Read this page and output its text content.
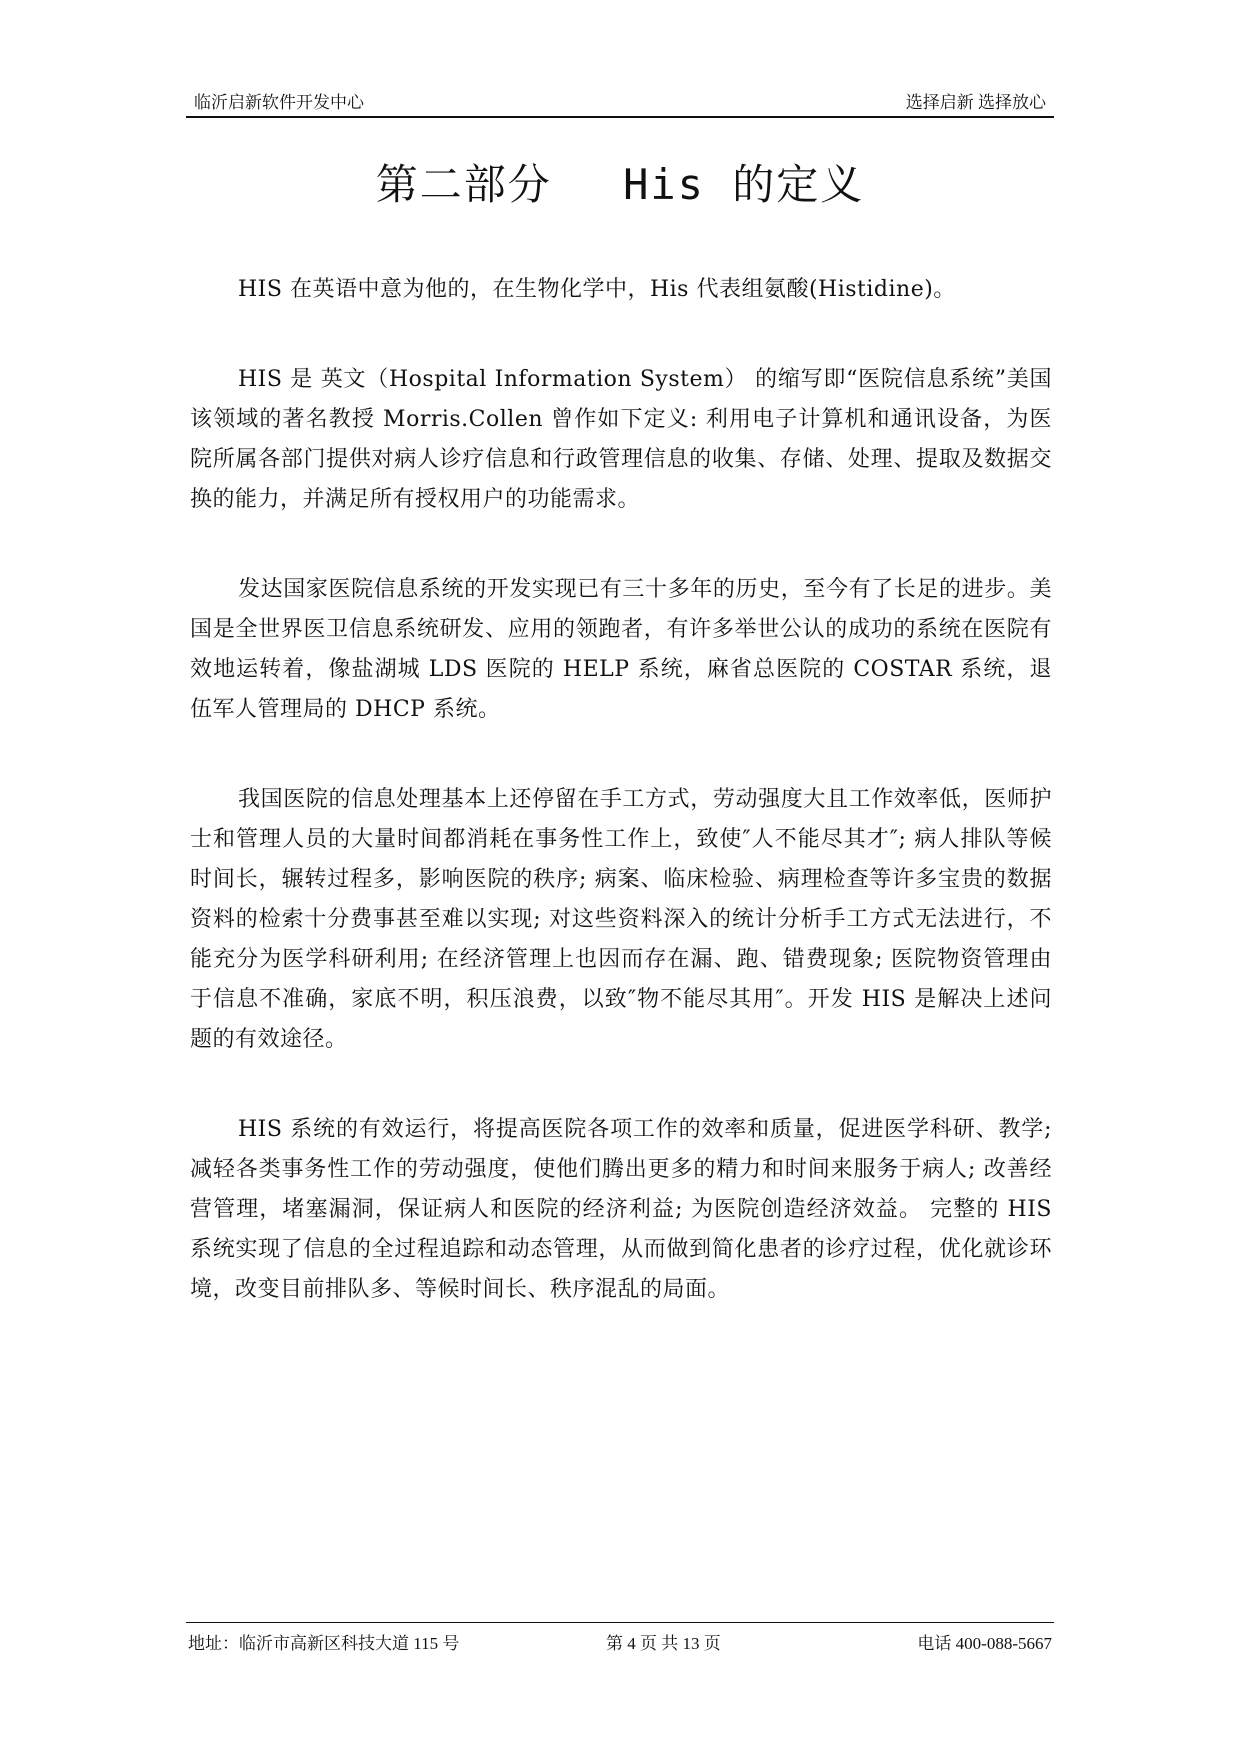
临沂启新软件开发中心	选择启新 选择放心
第二部分　 His 的定义

HIS 在英语中意为他的，在生物化学中，His 代表组氨酸(Histidine)。

HIS 是 英文（Hospital Information System） 的缩写即“医院信息系统”美国该领域的著名教授 Morris.Collen 曾作如下定义: 利用电子计算机和通讯设备，为医院所属各部门提供对病人诊疗信息和行政管理信息的收集、存储、处理、提取及数据交换的能力，并满足所有授权用户的功能需求。

发达国家医院信息系统的开发实现已有三十多年的历史，至今有了长足的进步。美国是全世界医卫信息系统研发、应用的领跑者，有许多举世公认的成功的系统在医院有效地运转着，像盐湖城 LDS 医院的 HELP 系统，麻省总医院的 COSTAR 系统，退伍军人管理局的 DHCP 系统。

我国医院的信息处理基本上还停留在手工方式，劳动强度大且工作效率低，医师护士和管理人员的大量时间都消耗在事务性工作上，致使″人不能尽其才″; 病人排队等候时间长，辗转过程多，影响医院的秩序; 病案、临床检验、病理检查等许多宝贵的数据资料的检索十分费事甚至难以实现; 对这些资料深入的统计分析手工方式无法进行，不能充分为医学科研利用; 在经济管理上也因而存在漏、跑、错费现象; 医院物资管理由于信息不准确，家底不明，积压浪费，以致″物不能尽其用″。开发 HIS 是解决上述问题的有效途径。

HIS 系统的有效运行，将提高医院各项工作的效率和质量，促进医学科研、教学; 减轻各类事务性工作的劳动强度，使他们腾出更多的精力和时间来服务于病人; 改善经营管理，堵塞漏洞，保证病人和医院的经济利益; 为医院创造经济效益。 完整的 HIS 系统实现了信息的全过程追踪和动态管理，从而做到简化患者的诊疗过程，优化就诊环境，改变目前排队多、等候时间长、秩序混乱的局面。

地址：临沂市高新区科技大道 115 号	第 4 页 共 13 页	电话 400-088-5667
